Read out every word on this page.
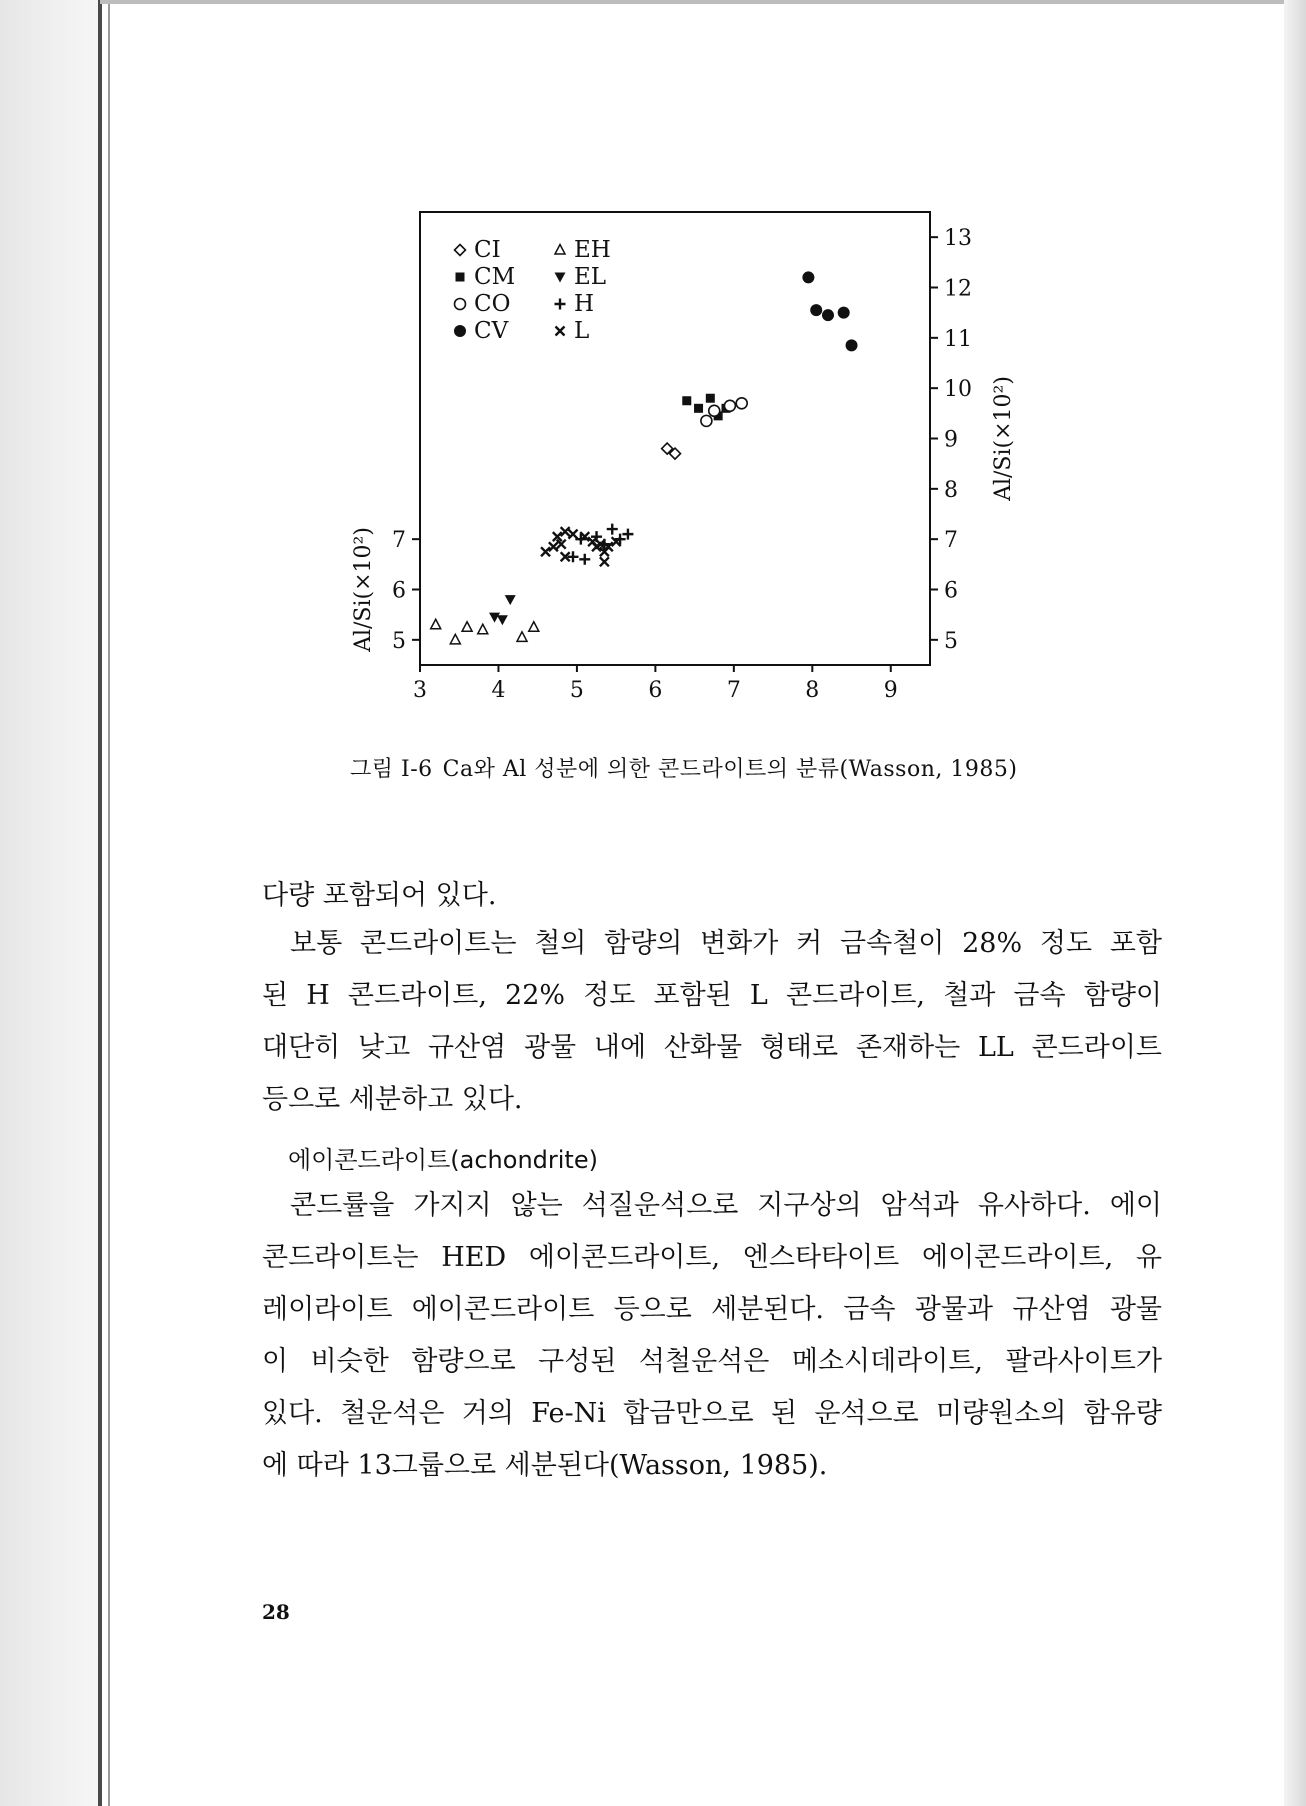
3	4	5	6	7	8	9
5
6
7
5
6
7
8
9
10
11
12
13
Al/Si(×10²)
Al/Si(×10²)
CI
CM
CO
CV
EH
EL
H
L
그림 Ⅰ-6 Ca와 Al 성분에 의한 콘드라이트의 분류(Wasson, 1985)

다량 포함되어 있다.

보통 콘드라이트는 철의 함량의 변화가 커 금속철이 28% 정도 포함

된 H 콘드라이트, 22% 정도 포함된 L 콘드라이트, 철과 금속 함량이

대단히 낮고 규산염 광물 내에 산화물 형태로 존재하는 LL 콘드라이트

등으로 세분하고 있다.

에이콘드라이트(achondrite)

콘드률을 가지지 않는 석질운석으로 지구상의 암석과 유사하다. 에이

콘드라이트는 HED 에이콘드라이트, 엔스타타이트 에이콘드라이트, 유

레이라이트 에이콘드라이트 등으로 세분된다. 금속 광물과 규산염 광물

이 비슷한 함량으로 구성된 석철운석은 메소시데라이트, 팔라사이트가

있다. 철운석은 거의 Fe-Ni 합금만으로 된 운석으로 미량원소의 함유량

에 따라 13그룹으로 세분된다(Wasson, 1985).

28
